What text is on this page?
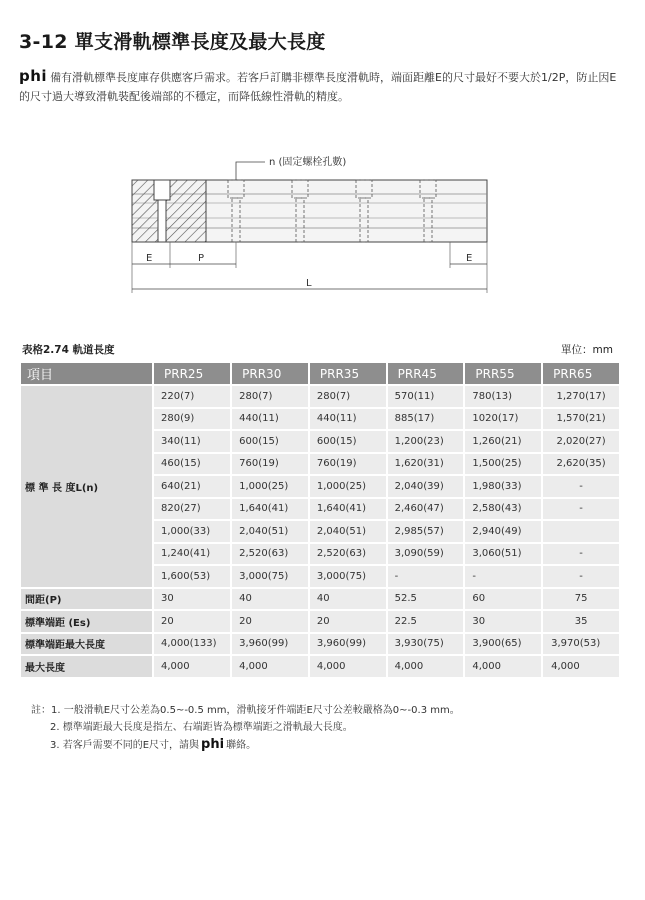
3-12 單支滑軌標準長度及最大長度
phi 備有滑軌標準長度庫存供應客戶需求。若客戶訂購非標準長度滑軌時，端面距離E的尺寸最好不要大於1/2P，防止因E的尺寸過大導致滑軌裝配後端部的不穩定，而降低線性滑軌的精度。
n (固定螺栓孔數)
E	P	E
L
表格2.74 軌道長度	單位：mm
項目	PRR25	PRR30	PRR35	PRR45	PRR55	PRR65
標 準 長 度L(n)	220(7)	280(7)	280(7)	570(11)	780(13)	1,270(17)
	280(9)	440(11)	440(11)	885(17)	1020(17)	1,570(21)
	340(11)	600(15)	600(15)	1,200(23)	1,260(21)	2,020(27)
	460(15)	760(19)	760(19)	1,620(31)	1,500(25)	2,620(35)
	640(21)	1,000(25)	1,000(25)	2,040(39)	1,980(33)	-
	820(27)	1,640(41)	1,640(41)	2,460(47)	2,580(43)	-
	1,000(33)	2,040(51)	2,040(51)	2,985(57)	2,940(49)	
	1,240(41)	2,520(63)	2,520(63)	3,090(59)	3,060(51)	-
	1,600(53)	3,000(75)	3,000(75)	-	-	-
間距(P)	30	40	40	52.5	60	75
標準端距 (Es)	20	20	20	22.5	30	35
標準端距最大長度	4,000(133)	3,960(99)	3,960(99)	3,930(75)	3,900(65)	3,970(53)
最大長度	4,000	4,000	4,000	4,000	4,000	4,000
註：1. 一般滑軌E尺寸公差為0.5~-0.5 mm，滑軌接牙件端距E尺寸公差較嚴格為0~-0.3 mm。
2. 標準端距最大長度是指左、右端距皆為標準端距之滑軌最大長度。
3. 若客戶需要不同的E尺寸，請與 phi 聯絡。
